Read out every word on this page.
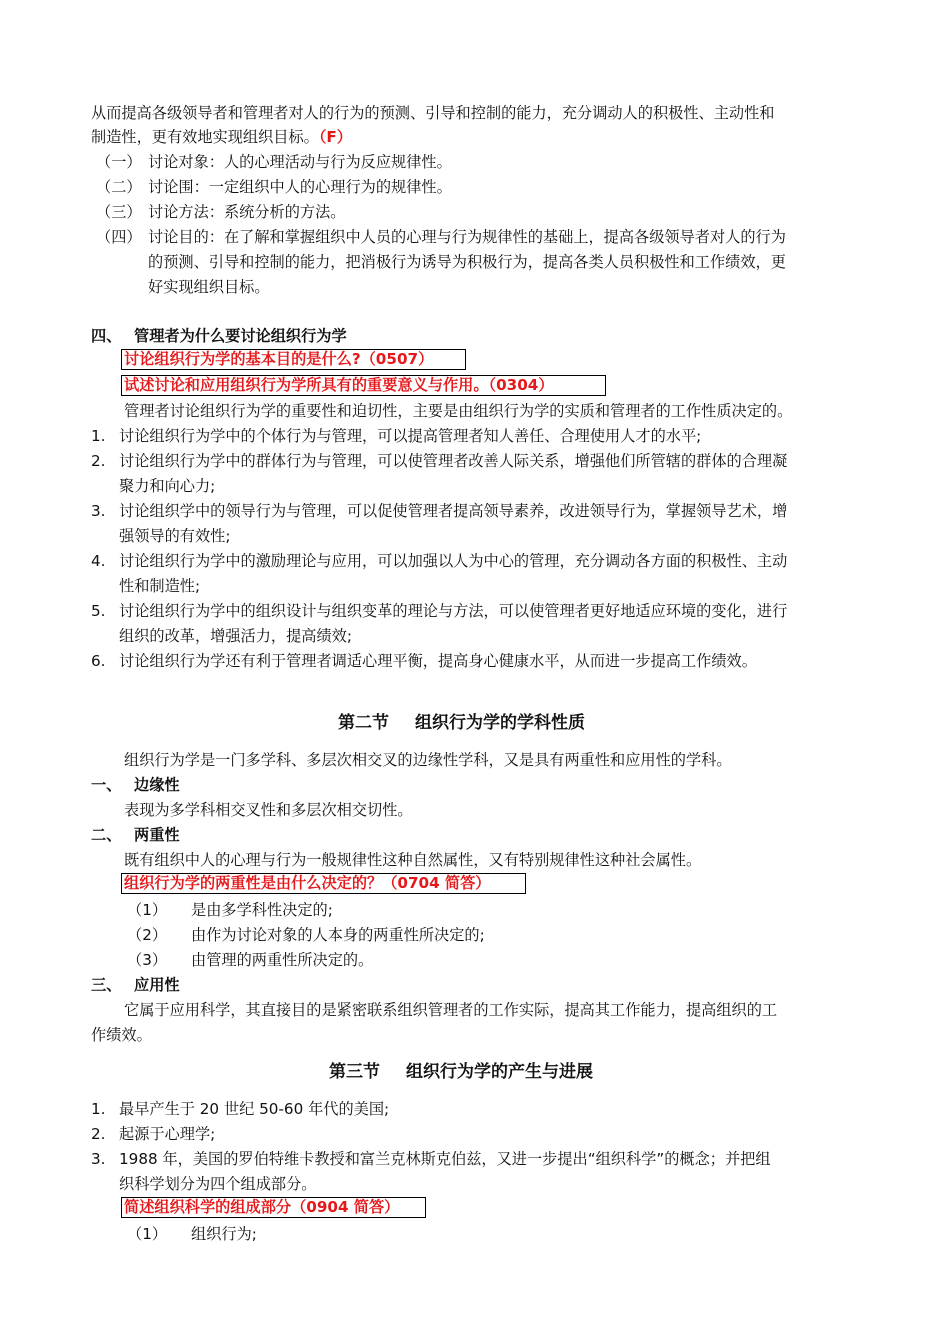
从而提高各级领导者和管理者对人的行为的预测、引导和控制的能力，充分调动人的积极性、主动性和
制造性，更有效地实现组织目标。（F）
（一） 讨论对象：人的心理活动与行为反应规律性。
（二） 讨论围：一定组织中人的心理行为的规律性。
（三） 讨论方法：系统分析的方法。
（四） 讨论目的：在了解和掌握组织中人员的心理与行为规律性的基础上，提高各级领导者对人的行为
的预测、引导和控制的能力，把消极行为诱导为积极行为，提高各类人员积极性和工作绩效，更
好实现组织目标。
四、 管理者为什么要讨论组织行为学
讨论组织行为学的基本目的是什么?（0507）
试述讨论和应用组织行为学所具有的重要意义与作用。（0304）
管理者讨论组织行为学的重要性和迫切性，主要是由组织行为学的实质和管理者的工作性质决定的。
1. 讨论组织行为学中的个体行为与管理，可以提高管理者知人善任、合理使用人才的水平;
2. 讨论组织行为学中的群体行为与管理，可以使管理者改善人际关系，增强他们所管辖的群体的合理凝
聚力和向心力;
3. 讨论组织学中的领导行为与管理，可以促使管理者提高领导素养，改进领导行为，掌握领导艺术，增
强领导的有效性;
4. 讨论组织行为学中的激励理论与应用，可以加强以人为中心的管理，充分调动各方面的积极性、主动
性和制造性;
5. 讨论组织行为学中的组织设计与组织变革的理论与方法，可以使管理者更好地适应环境的变化，进行
组织的改革，增强活力，提高绩效;
6. 讨论组织行为学还有利于管理者调适心理平衡，提高身心健康水平，从而进一步提高工作绩效。
第二节 组织行为学的学科性质
组织行为学是一门多学科、多层次相交叉的边缘性学科，又是具有两重性和应用性的学科。
一、 边缘性
表现为多学科相交叉性和多层次相交切性。
二、 两重性
既有组织中人的心理与行为一般规律性这种自然属性，又有特别规律性这种社会属性。
组织行为学的两重性是由什么决定的？（0704 简答）
（1） 是由多学科性决定的;
（2） 由作为讨论对象的人本身的两重性所决定的;
（3） 由管理的两重性所决定的。
三、 应用性
它属于应用科学，其直接目的是紧密联系组织管理者的工作实际，提高其工作能力，提高组织的工
作绩效。
第三节 组织行为学的产生与进展
1. 最早产生于 20 世纪 50-60 年代的美国;
2. 起源于心理学;
3. 1988 年，美国的罗伯特维卡教授和富兰克林斯克伯兹，又进一步提出“组织科学”的概念；并把组
织科学划分为四个组成部分。
简述组织科学的组成部分（0904 简答）
（1） 组织行为;
